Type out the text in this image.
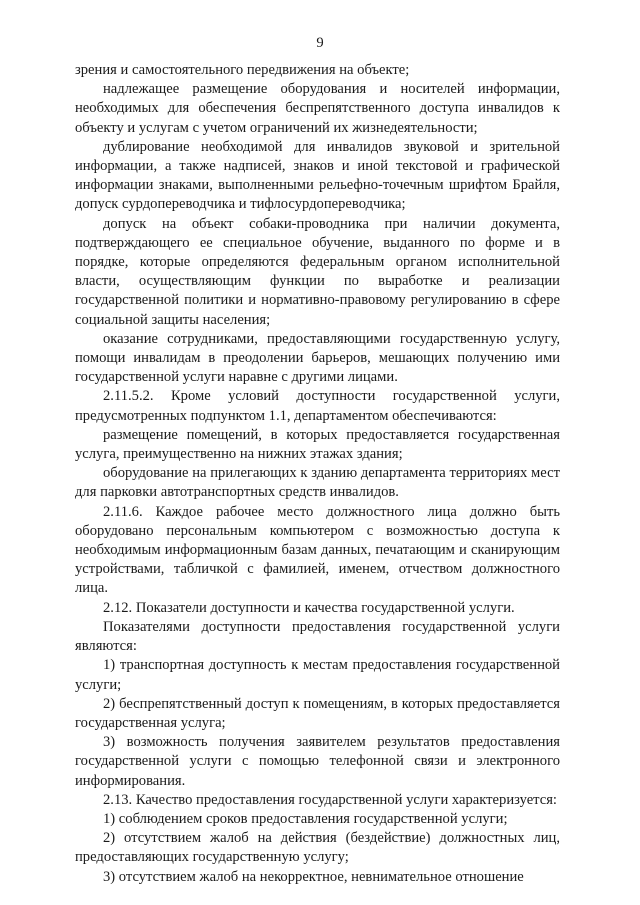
9

зрения и самостоятельного передвижения на объекте;

надлежащее размещение оборудования и носителей информации, необходимых для обеспечения беспрепятственного доступа инвалидов к объекту и услугам с учетом ограничений их жизнедеятельности;

дублирование необходимой для инвалидов звуковой и зрительной информации, а также надписей, знаков и иной текстовой и графической информации знаками, выполненными рельефно-точечным шрифтом Брайля, допуск сурдопереводчика и тифлосурдопереводчика;

допуск на объект собаки-проводника при наличии документа, подтверждающего ее специальное обучение, выданного по форме и в порядке, которые определяются федеральным органом исполнительной власти, осуществляющим функции по выработке и реализации государственной политики и нормативно-правовому регулированию в сфере социальной защиты населения;

оказание сотрудниками, предоставляющими государственную услугу, помощи инвалидам в преодолении барьеров, мешающих получению ими государственной услуги наравне с другими лицами.

2.11.5.2. Кроме условий доступности государственной услуги, предусмотренных подпунктом 1.1, департаментом обеспечиваются:

размещение помещений, в которых предоставляется государственная услуга, преимущественно на нижних этажах здания;

оборудование на прилегающих к зданию департамента территориях мест для парковки автотранспортных средств инвалидов.

2.11.6. Каждое рабочее место должностного лица должно быть оборудовано персональным компьютером с возможностью доступа к необходимым информационным базам данных, печатающим и сканирующим устройствами, табличкой с фамилией, именем, отчеством должностного лица.

2.12. Показатели доступности и качества государственной услуги.

Показателями доступности предоставления государственной услуги являются:

1) транспортная доступность к местам предоставления государственной услуги;

2) беспрепятственный доступ к помещениям, в которых предоставляется государственная услуга;

3) возможность получения заявителем результатов предоставления государственной услуги с помощью телефонной связи и электронного информирования.

2.13. Качество предоставления государственной услуги характеризуется:

1) соблюдением сроков предоставления государственной услуги;

2) отсутствием жалоб на действия (бездействие) должностных лиц, предоставляющих государственную услугу;

3) отсутствием жалоб на некорректное, невнимательное отношение
